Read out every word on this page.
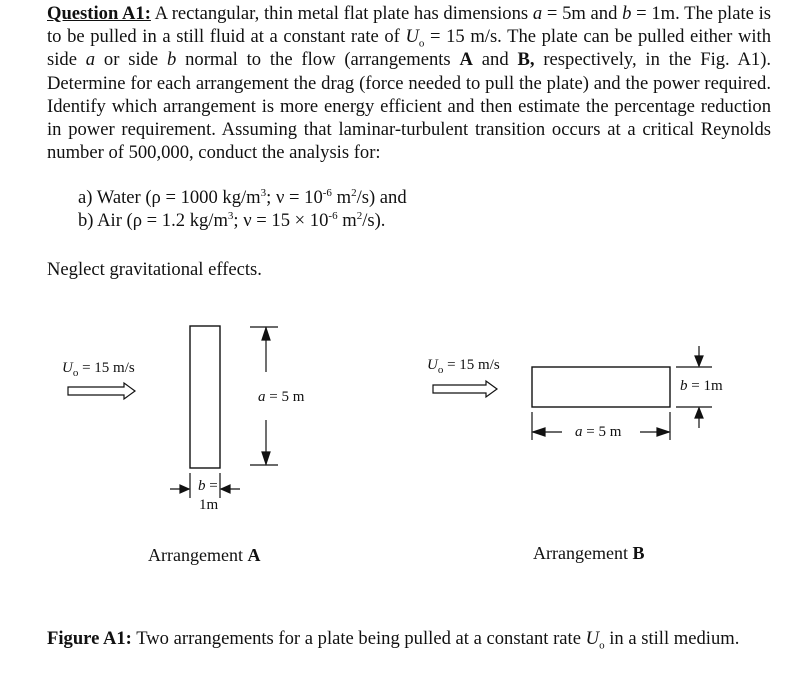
Question A1: A rectangular, thin metal flat plate has dimensions a = 5m and b = 1m. The plate is to be pulled in a still fluid at a constant rate of $U_o = 15$ m/s. The plate can be pulled either with side a or side b normal to the flow (arrangements A and B, respectively, in the Fig. A1). Determine for each arrangement the drag (force needed to pull the plate) and the power required. Identify which arrangement is more energy efficient and then estimate the percentage reduction in power requirement. Assuming that laminar-turbulent transition occurs at a critical Reynolds number of 500,000, conduct the analysis for:
a) Water (ρ = 1000 $kg/m^3$; $\nu = 10^{-6}$ $m^2/s$) and
b) Air (ρ = 1.2 $kg/m^3$; $\nu = 15 \times 10^{-6}$ $m^2/s$).
Neglect gravitational effects.
$U_o = 15$ m/s
a = 5 m
b =
1m
$U_o = 15$ m/s
b = 1m
a = 5 m
Arrangement A	Arrangement B
Figure A1: Two arrangements for a plate being pulled at a constant rate $U_o$ in a still medium.
